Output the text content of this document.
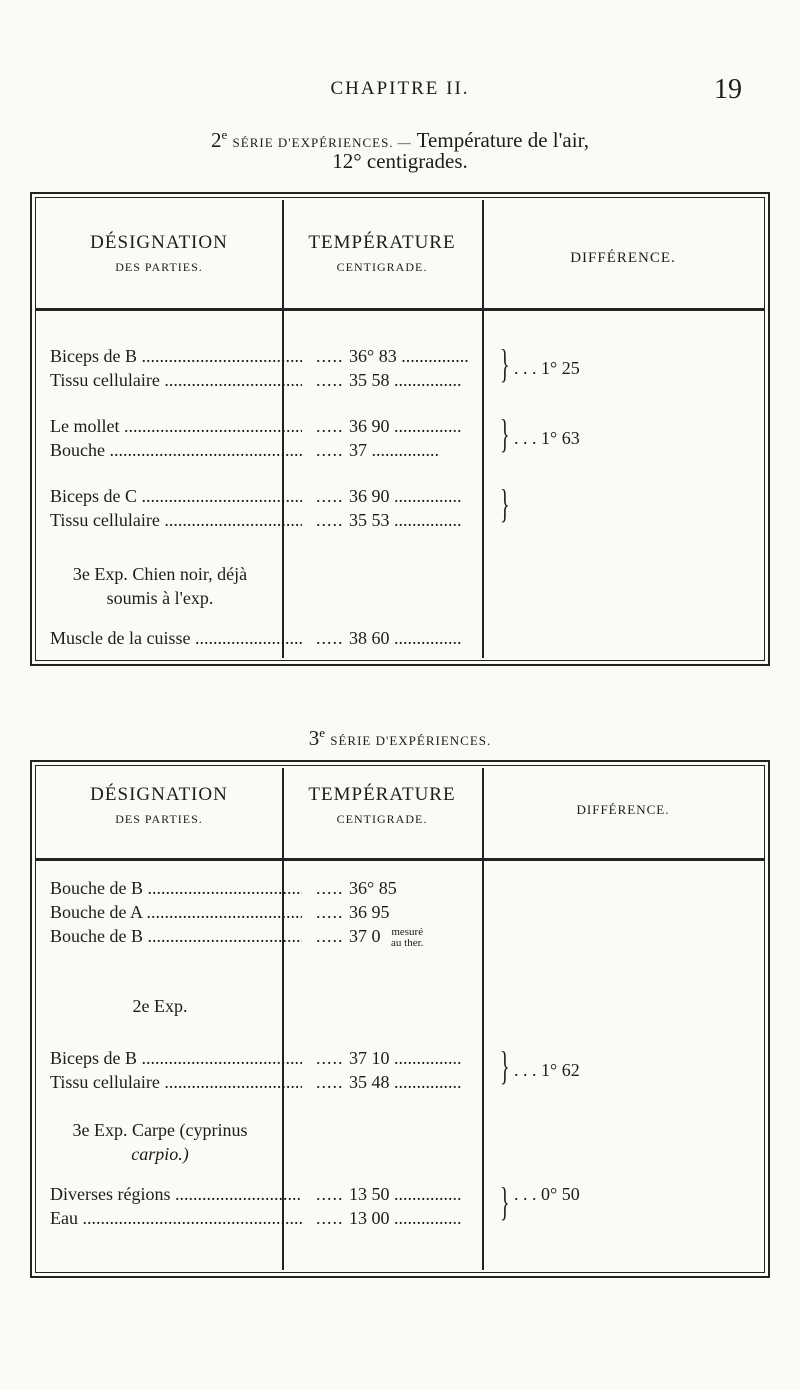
CHAPITRE II.	19
2e SÉRIE D'EXPÉRIENCES. — Température de l'air,
12° centigrades.
DÉSIGNATION
DES PARTIES.
TEMPÉRATURE
CENTIGRADE.
DIFFÉRENCE.
Biceps de B .....	..... 36° 83 .....
Tissu cellulaire .....	..... 35 58 .....	} . . . 1° 25
Le mollet .....	..... 36 90 .....
Bouche .....	..... 37 .....	} . . . 1° 63
Biceps de C .....	..... 36 90 .....
Tissu cellulaire .....	..... 35 53 .....	}
3e Exp. Chien noir, déjà
soumis à l'exp.
Muscle de la cuisse .....	..... 38 60 .....
3e SÉRIE D'EXPÉRIENCES.
DÉSIGNATION
DES PARTIES.
TEMPÉRATURE
CENTIGRADE.
DIFFÉRENCE.
Bouche de B .....	..... 36° 85
Bouche de A .....	..... 36 95
Bouche de B .....	..... 37 0 mesuré
au ther.
2e Exp.
Biceps de B .....	..... 37 10 .....
Tissu cellulaire .....	..... 35 48 .....	} . . . 1° 62
3e Exp. Carpe (cyprinus
carpio.)
Diverses régions .....	..... 13 50 .....
Eau .....	..... 13 00 .....	} . . . 0° 50
